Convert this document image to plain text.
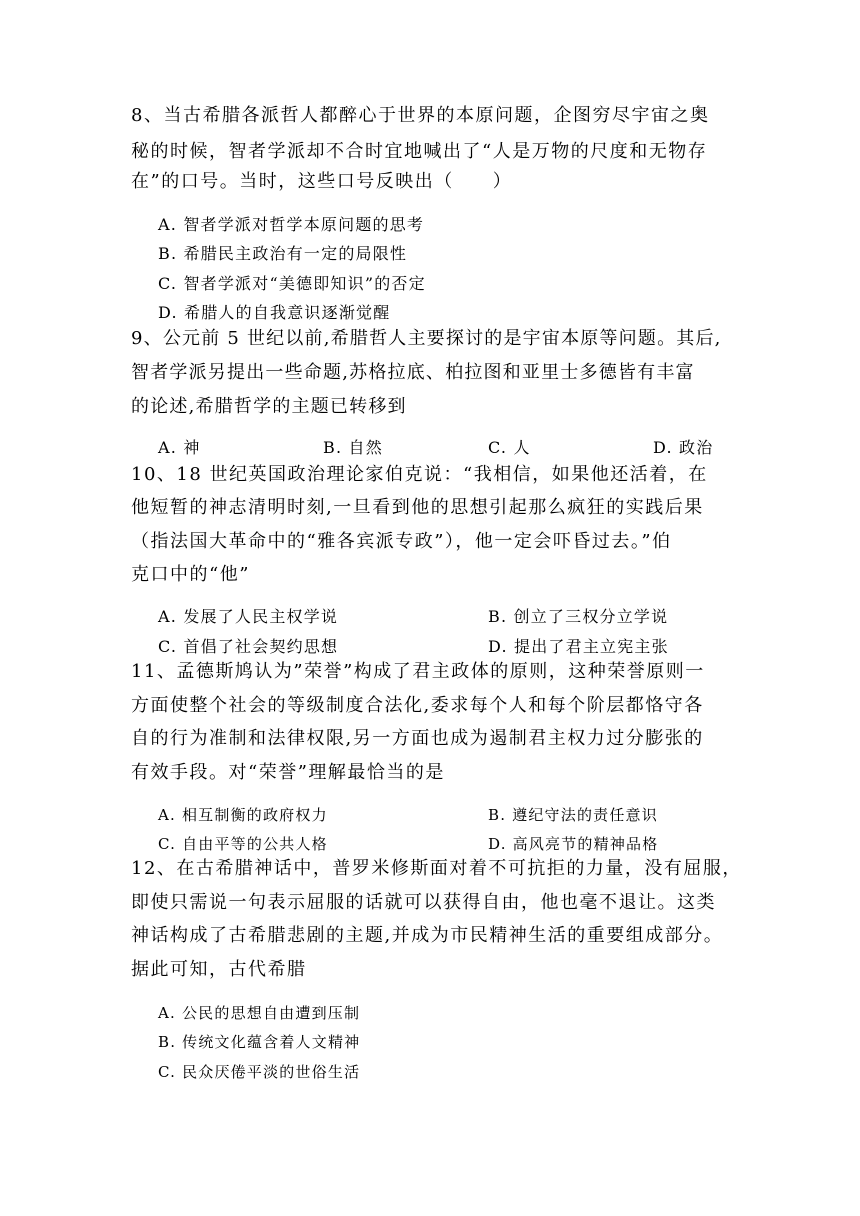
8、当古希腊各派哲人都醉心于世界的本原问题，企图穷尽宇宙之奥
秘的时候，智者学派却不合时宜地喊出了“人是万物的尺度和无物存
在”的口号。当时，这些口号反映出（　　）
A. 智者学派对哲学本原问题的思考
B. 希腊民主政治有一定的局限性
C. 智者学派对“美德即知识”的否定
D. 希腊人的自我意识逐渐觉醒
9、公元前 5 世纪以前,希腊哲人主要探讨的是宇宙本原等问题。其后,
智者学派另提出一些命题,苏格拉底、柏拉图和亚里士多德皆有丰富
的论述,希腊哲学的主题已转移到
A. 神	B. 自然	C. 人	D. 政治
10、18 世纪英国政治理论家伯克说：“我相信，如果他还活着，在
他短暂的神志清明时刻,一旦看到他的思想引起那么疯狂的实践后果
（指法国大革命中的“雅各宾派专政”），他一定会吓昏过去。”伯
克口中的“他”
A. 发展了人民主权学说	B. 创立了三权分立学说
C. 首倡了社会契约思想	D. 提出了君主立宪主张
11、孟德斯鸠认为”荣誉”构成了君主政体的原则，这种荣誉原则一
方面使整个社会的等级制度合法化,委求每个人和每个阶层都恪守各
自的行为准制和法律权限,另一方面也成为遏制君主权力过分膨张的
有效手段。对“荣誉”理解最恰当的是
A. 相互制衡的政府权力	B. 遵纪守法的责任意识
C. 自由平等的公共人格	D. 高风亮节的精神品格
12、在古希腊神话中，普罗米修斯面对着不可抗拒的力量，没有屈服，
即使只需说一句表示屈服的话就可以获得自由，他也毫不退让。这类
神话构成了古希腊悲剧的主题,并成为市民精神生活的重要组成部分。
据此可知，古代希腊
A. 公民的思想自由遭到压制
B. 传统文化蕴含着人文精神
C. 民众厌倦平淡的世俗生活
